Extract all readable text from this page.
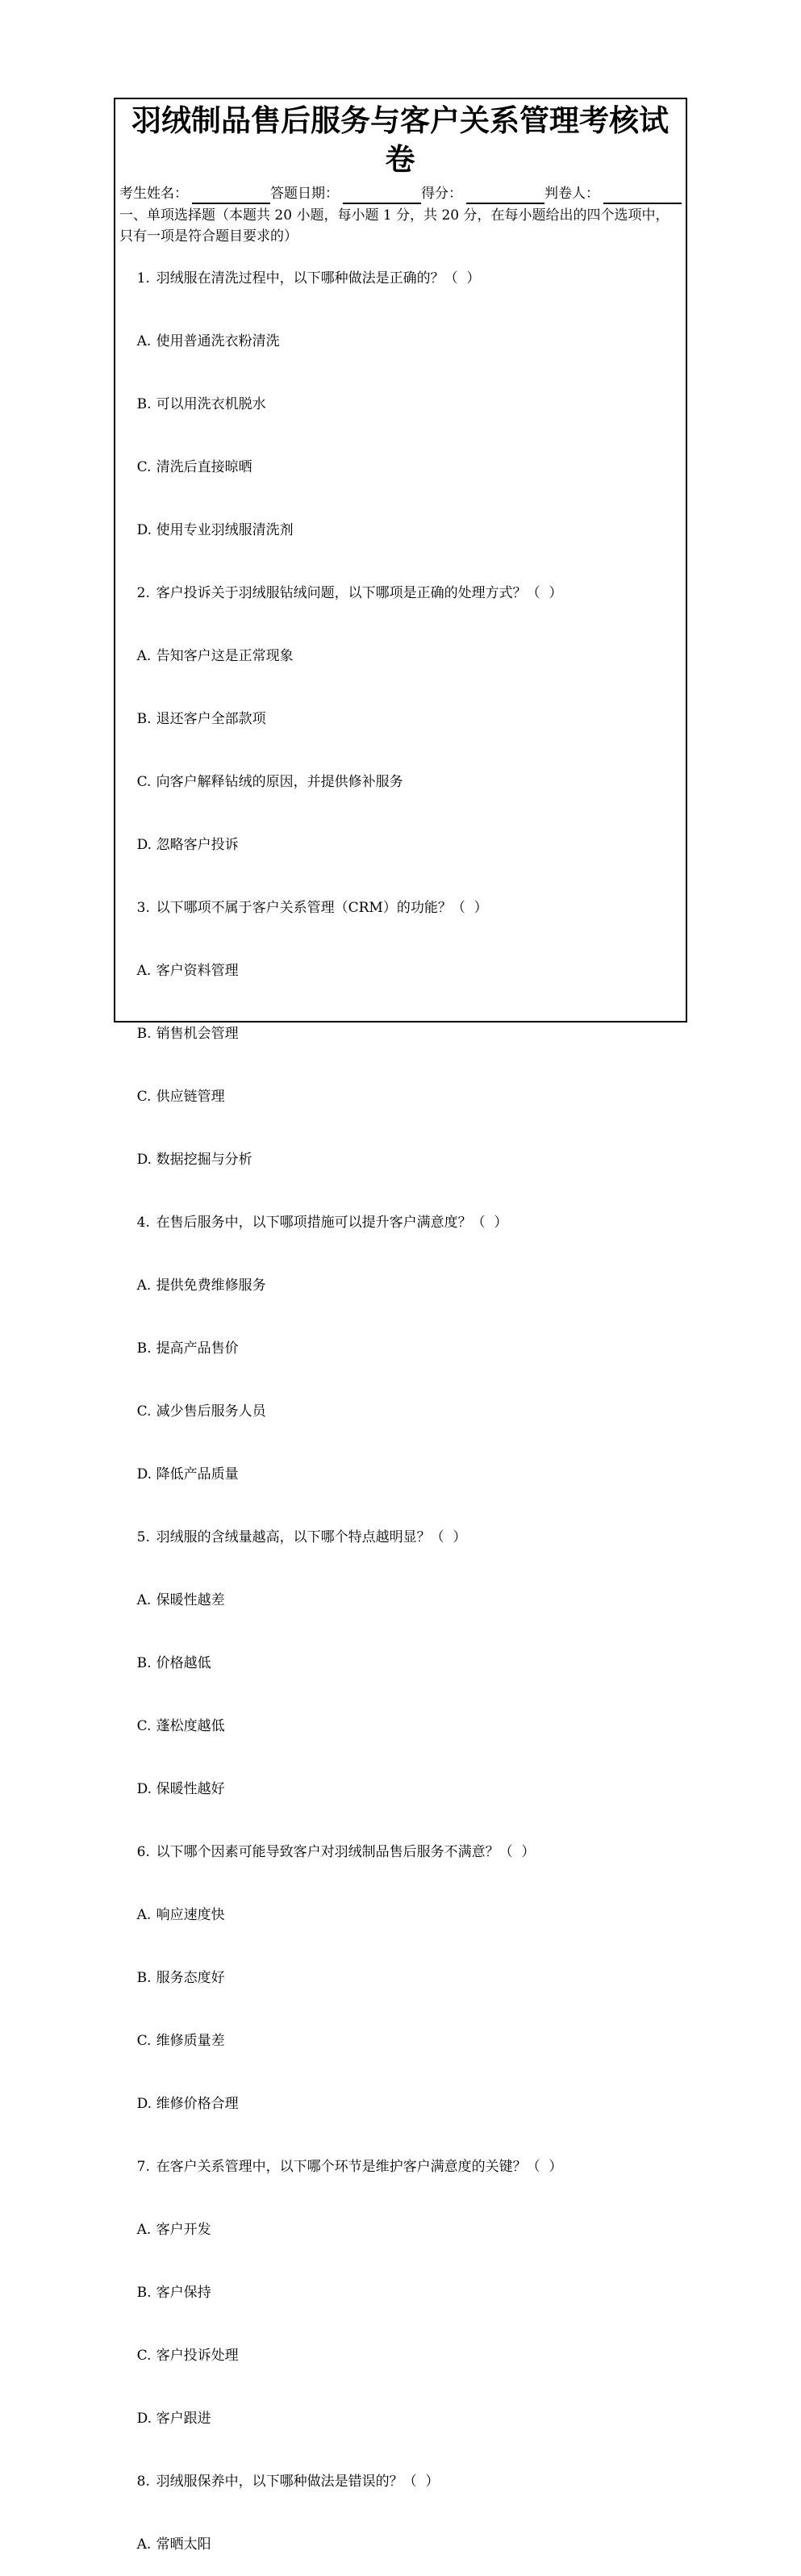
羽绒制品售后服务与客户关系管理考核试
卷
考生姓名：	答题日期：	得分：	判卷人：
一、单项选择题（本题共 20 小题，每小题 1 分，共 20 分，在每小题给出的四个选项中，
只有一项是符合题目要求的）

1. 羽绒服在清洗过程中，以下哪种做法是正确的？（  ）

A. 使用普通洗衣粉清洗

B. 可以用洗衣机脱水

C. 清洗后直接晾晒

D. 使用专业羽绒服清洗剂

2. 客户投诉关于羽绒服钻绒问题，以下哪项是正确的处理方式？（  ）

A. 告知客户这是正常现象

B. 退还客户全部款项

C. 向客户解释钻绒的原因，并提供修补服务

D. 忽略客户投诉

3. 以下哪项不属于客户关系管理（CRM）的功能？（  ）

A. 客户资料管理

B. 销售机会管理

C. 供应链管理

D. 数据挖掘与分析

4. 在售后服务中，以下哪项措施可以提升客户满意度？（  ）

A. 提供免费维修服务

B. 提高产品售价

C. 减少售后服务人员

D. 降低产品质量

5. 羽绒服的含绒量越高，以下哪个特点越明显？（  ）

A. 保暖性越差

B. 价格越低

C. 蓬松度越低

D. 保暖性越好

6. 以下哪个因素可能导致客户对羽绒制品售后服务不满意？（  ）

A. 响应速度快

B. 服务态度好

C. 维修质量差

D. 维修价格合理

7. 在客户关系管理中，以下哪个环节是维护客户满意度的关键？（  ）

A. 客户开发

B. 客户保持

C. 客户投诉处理

D. 客户跟进

8. 羽绒服保养中，以下哪种做法是错误的？（  ）

A. 常晒太阳
